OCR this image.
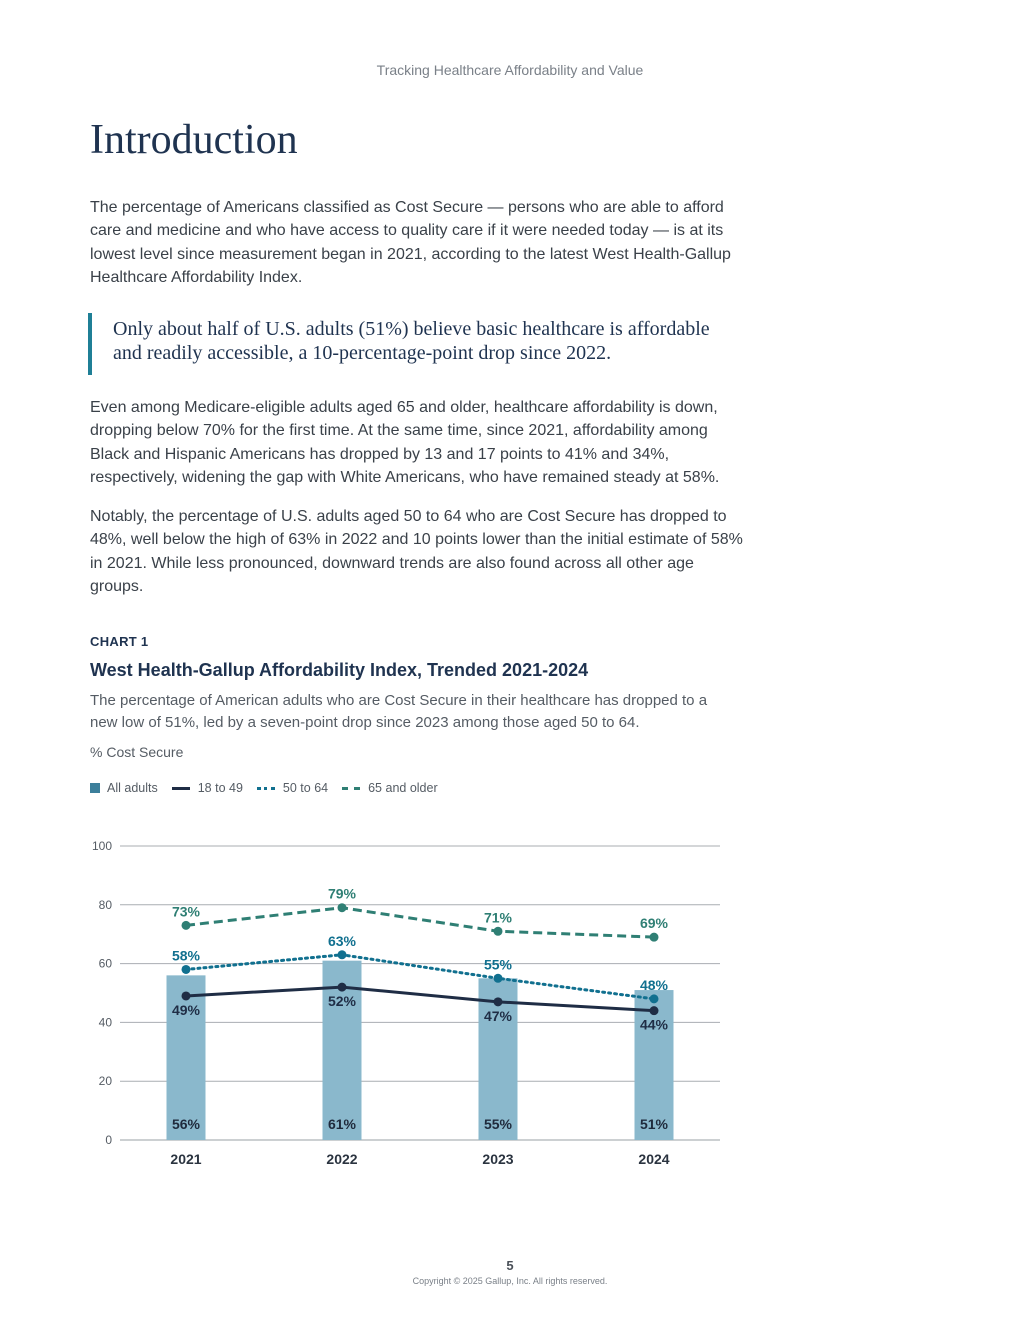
Tracking Healthcare Affordability and Value
Introduction

The percentage of Americans classified as Cost Secure — persons who are able to afford care and medicine and who have access to quality care if it were needed today — is at its lowest level since measurement began in 2021, according to the latest West Health-Gallup Healthcare Affordability Index.

Only about half of U.S. adults (51%) believe basic healthcare is affordable and readily accessible, a 10-percentage-point drop since 2022.

Even among Medicare-eligible adults aged 65 and older, healthcare affordability is down, dropping below 70% for the first time. At the same time, since 2021, affordability among Black and Hispanic Americans has dropped by 13 and 17 points to 41% and 34%, respectively, widening the gap with White Americans, who have remained steady at 58%.

Notably, the percentage of U.S. adults aged 50 to 64 who are Cost Secure has dropped to 48%, well below the high of 63% in 2022 and 10 points lower than the initial estimate of 58% in 2021. While less pronounced, downward trends are also found across all other age groups.

CHART 1
West Health-Gallup Affordability Index, Trended 2021-2024

The percentage of American adults who are Cost Secure in their healthcare has dropped to a new low of 51%, led by a seven-point drop since 2023 among those aged 50 to 64.

% Cost Secure
All adults	18 to 49	50 to 64	65 and older
0
20
40
60
80
100
56%	61%	55%	51%
2021	2022	2023	2024
49%
52%
47%
44%
58%
63%
55%
48%
73%
79%
71%	69%
5
Copyright © 2025 Gallup, Inc. All rights reserved.
